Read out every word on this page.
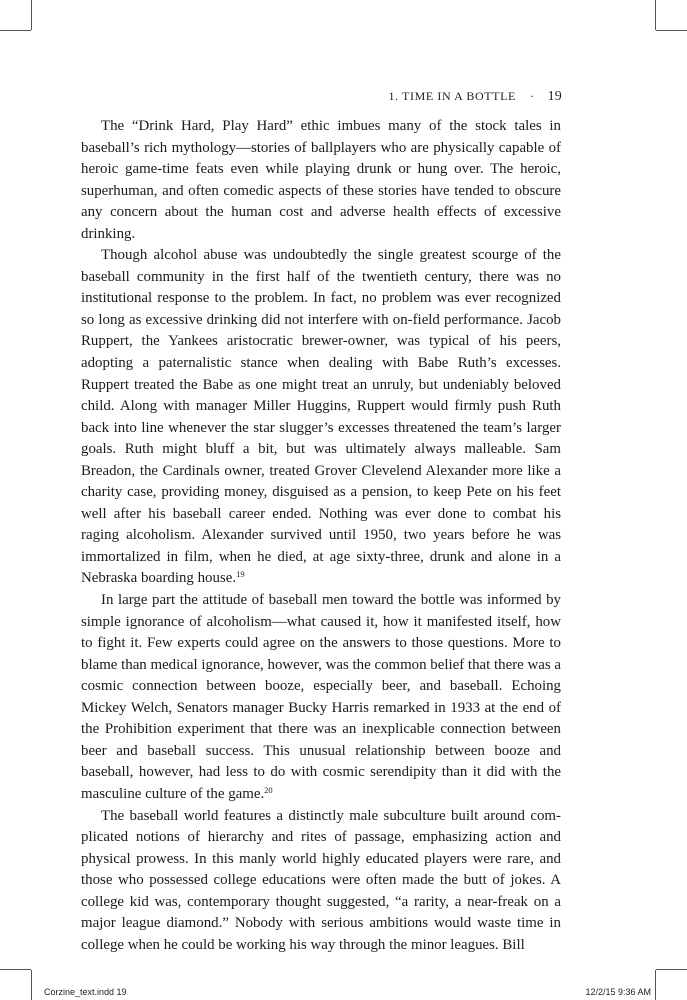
1. TIME IN A BOTTLE · 19

The “Drink Hard, Play Hard” ethic imbues many of the stock tales in baseball’s rich mythology—stories of ballplayers who are physically capable of heroic game-time feats even while playing drunk or hung over. The heroic, superhuman, and often comedic aspects of these stories have tended to obscure any concern about the human cost and adverse health effects of excessive drinking.

Though alcohol abuse was undoubtedly the single greatest scourge of the baseball community in the first half of the twentieth century, there was no institutional response to the problem. In fact, no problem was ever recognized so long as excessive drinking did not interfere with on-field performance. Jacob Ruppert, the Yankees aristocratic brewer-owner, was typical of his peers, adopting a paternalistic stance when dealing with Babe Ruth’s excesses. Ruppert treated the Babe as one might treat an unruly, but undeniably beloved child. Along with manager Miller Huggins, Ruppert would firmly push Ruth back into line whenever the star slugger’s excesses threatened the team’s larger goals. Ruth might bluff a bit, but was ultimately always malleable. Sam Breadon, the Cardinals owner, treated Grover Clevelend Alexander more like a charity case, providing money, disguised as a pension, to keep Pete on his feet well after his baseball career ended. Nothing was ever done to combat his raging alcoholism. Alexander survived until 1950, two years before he was immortalized in film, when he died, at age sixty-three, drunk and alone in a Nebraska boarding house.$^{19}$

In large part the attitude of baseball men toward the bottle was informed by simple ignorance of alcoholism—what caused it, how it manifested itself, how to fight it. Few experts could agree on the answers to those questions. More to blame than medical ignorance, however, was the common belief that there was a cosmic connection between booze, especially beer, and baseball. Echoing Mickey Welch, Senators manager Bucky Harris remarked in 1933 at the end of the Prohibition experiment that there was an inexplicable connection between beer and baseball success. This unusual relationship between booze and baseball, however, had less to do with cosmic serendipity than it did with the masculine culture of the game.$^{20}$

The baseball world features a distinctly male subculture built around complicated notions of hierarchy and rites of passage, emphasizing action and physical prowess. In this manly world highly educated players were rare, and those who possessed college educations were often made the butt of jokes. A college kid was, contemporary thought suggested, “a rarity, a near-freak on a major league diamond.” Nobody with serious ambitions would waste time in college when he could be working his way through the minor leagues. Bill

Corzine_text.indd 19	12/2/15 9:36 AM
